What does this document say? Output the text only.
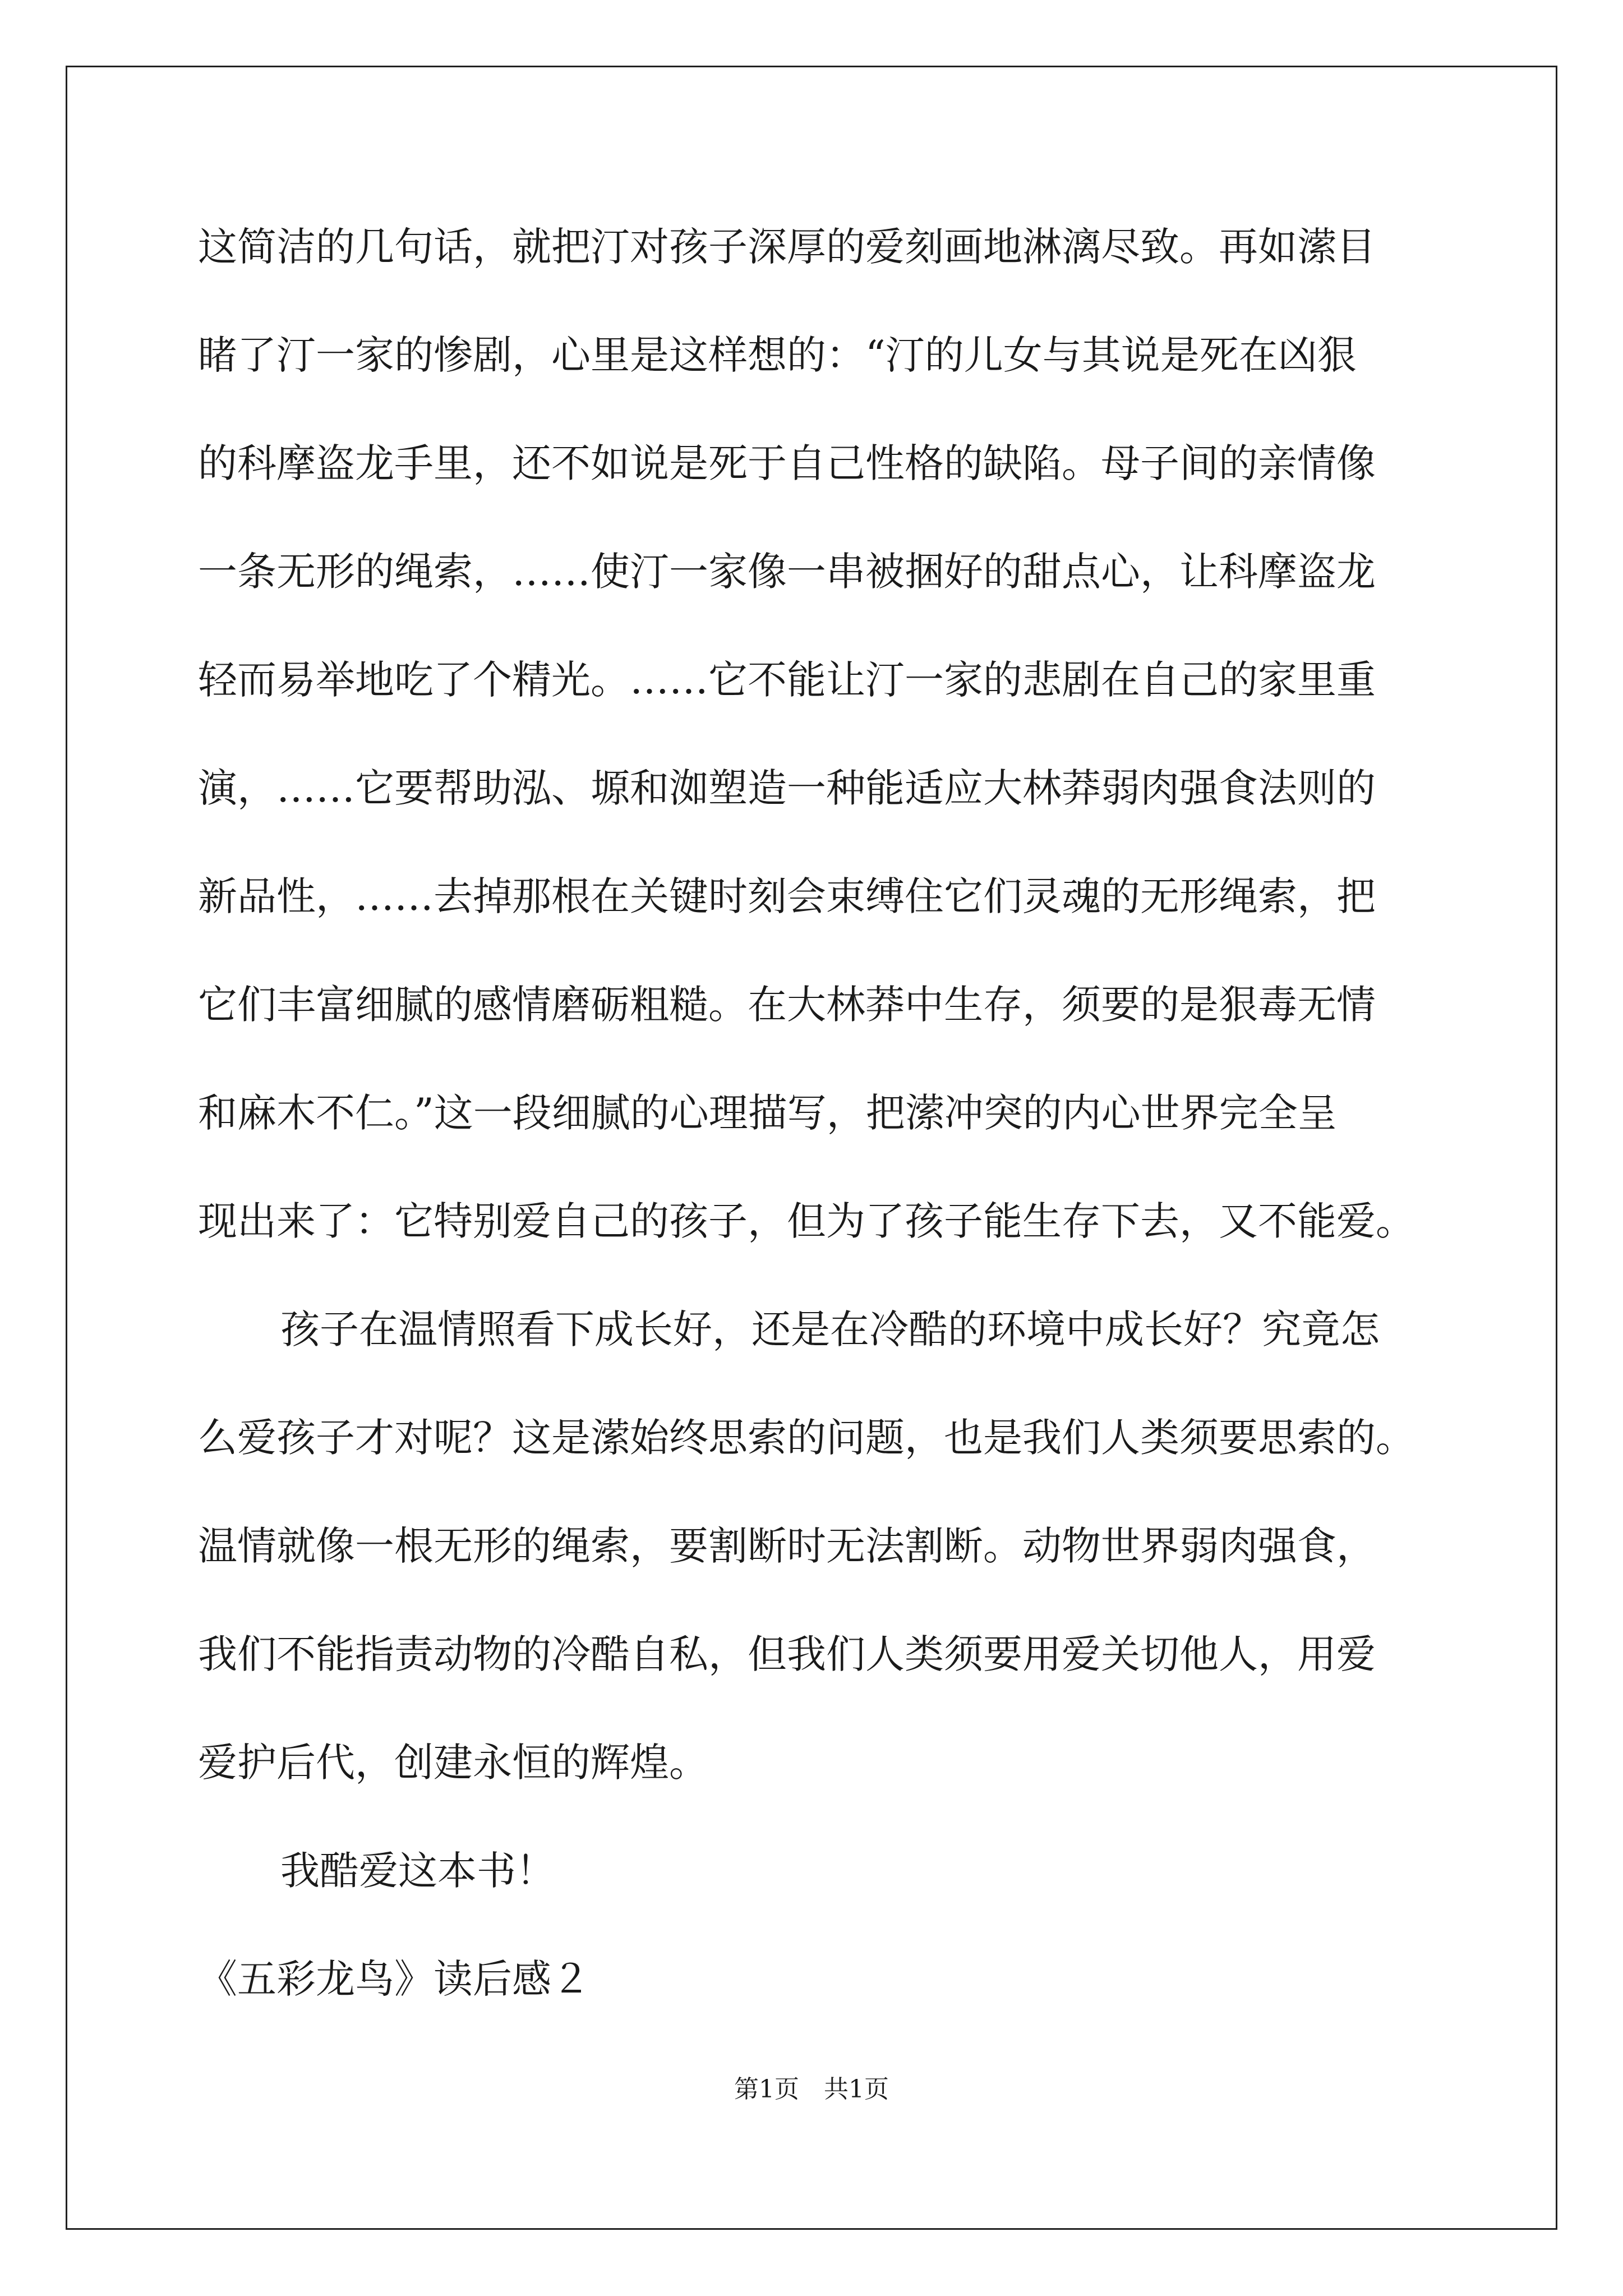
这简洁的几句话，就把汀对孩子深厚的爱刻画地淋漓尽致。再如潆目
睹了汀一家的惨剧，心里是这样想的：“汀的儿女与其说是死在凶狠
的科摩盗龙手里，还不如说是死于自己性格的缺陷。母子间的亲情像
一条无形的绳索，……使汀一家像一串被捆好的甜点心，让科摩盗龙
轻而易举地吃了个精光。……它不能让汀一家的悲剧在自己的家里重
演，……它要帮助泓、塬和洳塑造一种能适应大林莽弱肉强食法则的
新品性，……去掉那根在关键时刻会束缚住它们灵魂的无形绳索，把
它们丰富细腻的感情磨砺粗糙。在大林莽中生存，须要的是狠毒无情
和麻木不仁。”这一段细腻的心理描写，把潆冲突的内心世界完全呈
现出来了：它特别爱自己的孩子，但为了孩子能生存下去，又不能爱。
孩子在温情照看下成长好，还是在冷酷的环境中成长好？究竟怎
么爱孩子才对呢？这是潆始终思索的问题，也是我们人类须要思索的。
温情就像一根无形的绳索，要割断时无法割断。动物世界弱肉强食，
我们不能指责动物的冷酷自私，但我们人类须要用爱关切他人，用爱
爱护后代，创建永恒的辉煌。
我酷爱这本书！
《五彩龙鸟》读后感２
第1页　共1页
